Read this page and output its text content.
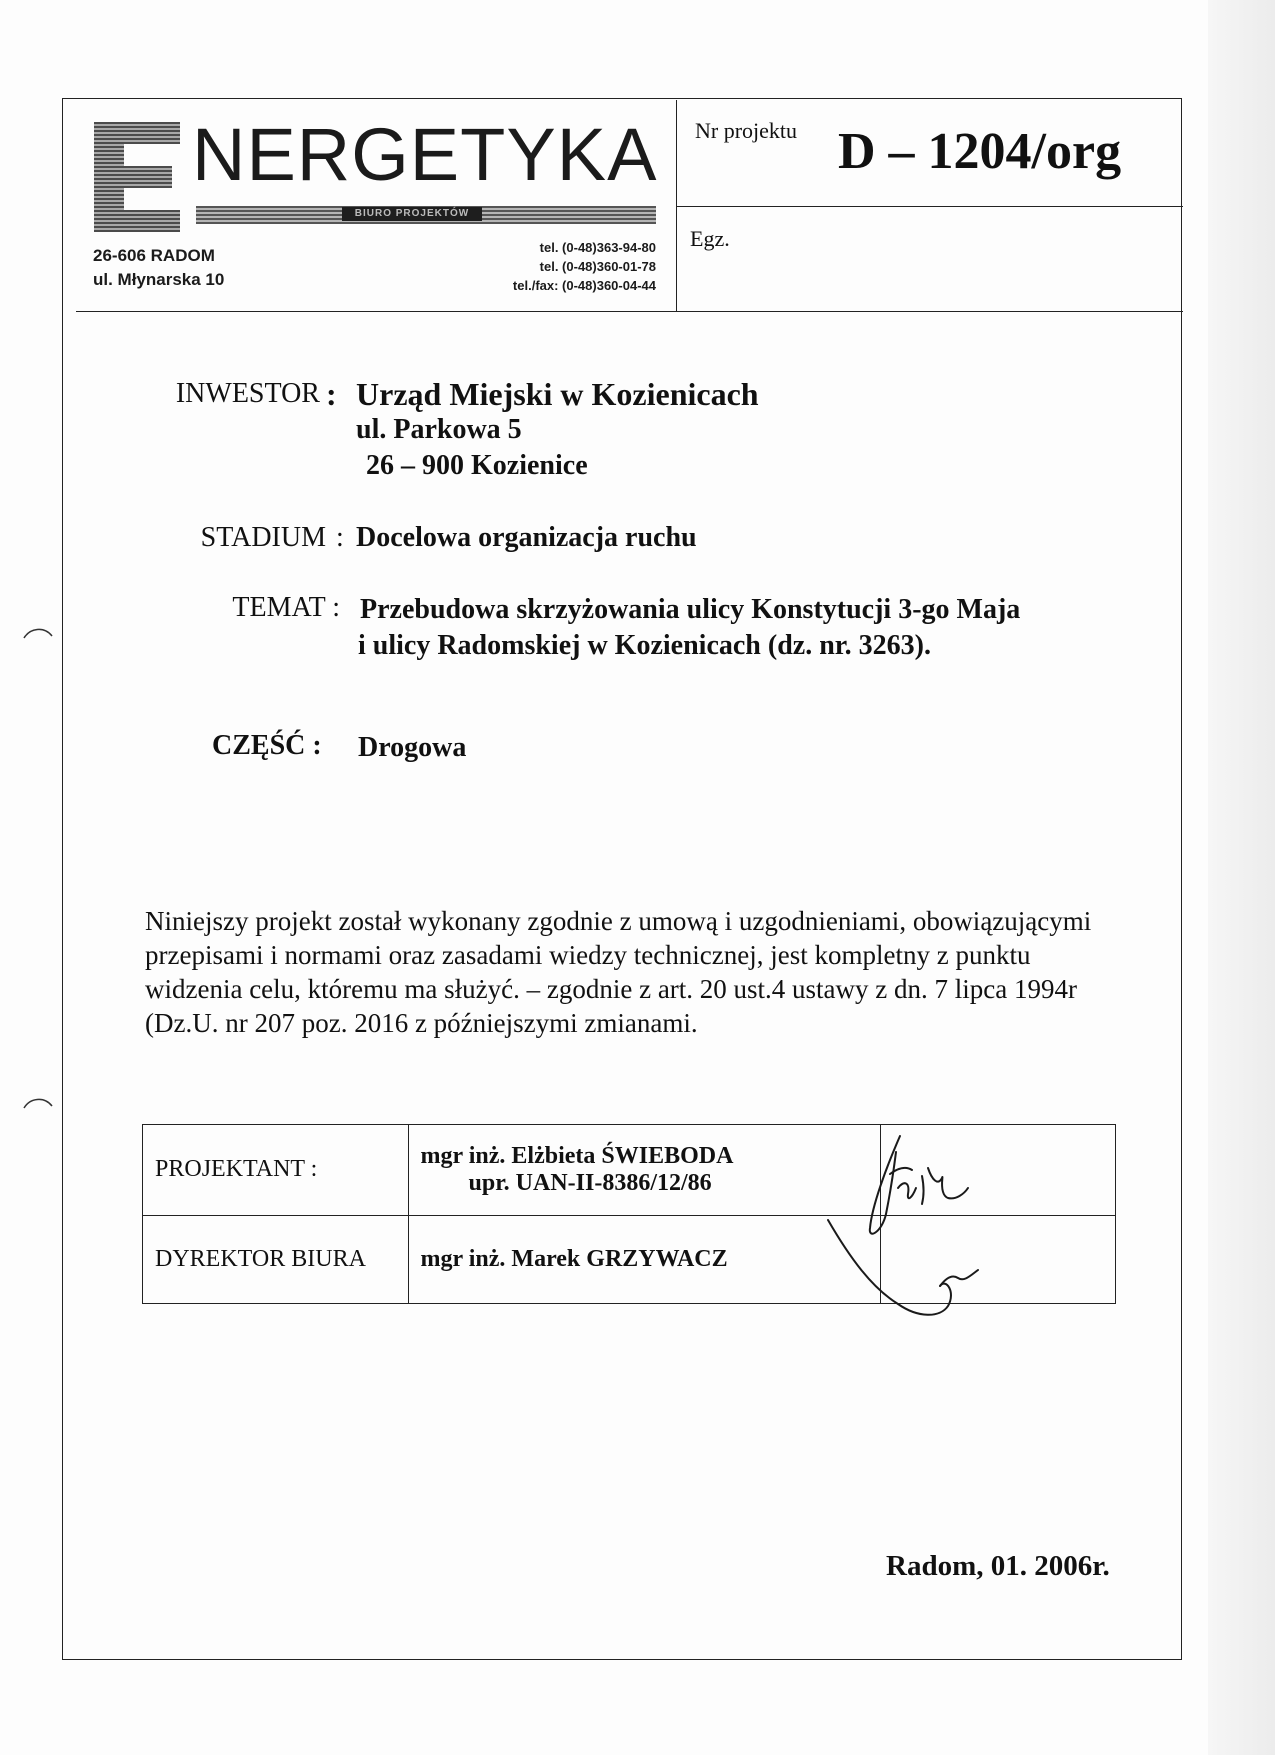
NERGETYKA
BIURO PROJEKTÓW
26-606 RADOM
ul. Młynarska 10
tel. (0-48)363-94-80
tel. (0-48)360-01-78
tel./fax: (0-48)360-04-44
Nr projektu D – 1204/org
Egz.
INWESTOR : Urząd Miejski w Kozienicach
ul. Parkowa 5
26 – 900 Kozienice
STADIUM : Docelowa organizacja ruchu
TEMAT : Przebudowa skrzyżowania ulicy Konstytucji 3-go Maja
i ulicy Radomskiej w Kozienicach (dz. nr. 3263).
CZĘŚĆ : Drogowa
Niniejszy projekt został wykonany zgodnie z umową i uzgodnieniami, obowiązującymi
przepisami i normami oraz zasadami wiedzy technicznej, jest kompletny z punktu
widzenia celu, któremu ma służyć. – zgodnie z art. 20 ust.4 ustawy z dn. 7 lipca 1994r
(Dz.U. nr 207 poz. 2016 z późniejszymi zmianami.
PROJEKTANT :	mgr inż. Elżbieta ŚWIEBODA
upr. UAN-II-8386/12/86	

DYREKTOR BIURA	mgr inż. Marek GRZYWACZ	
Radom, 01. 2006r.
